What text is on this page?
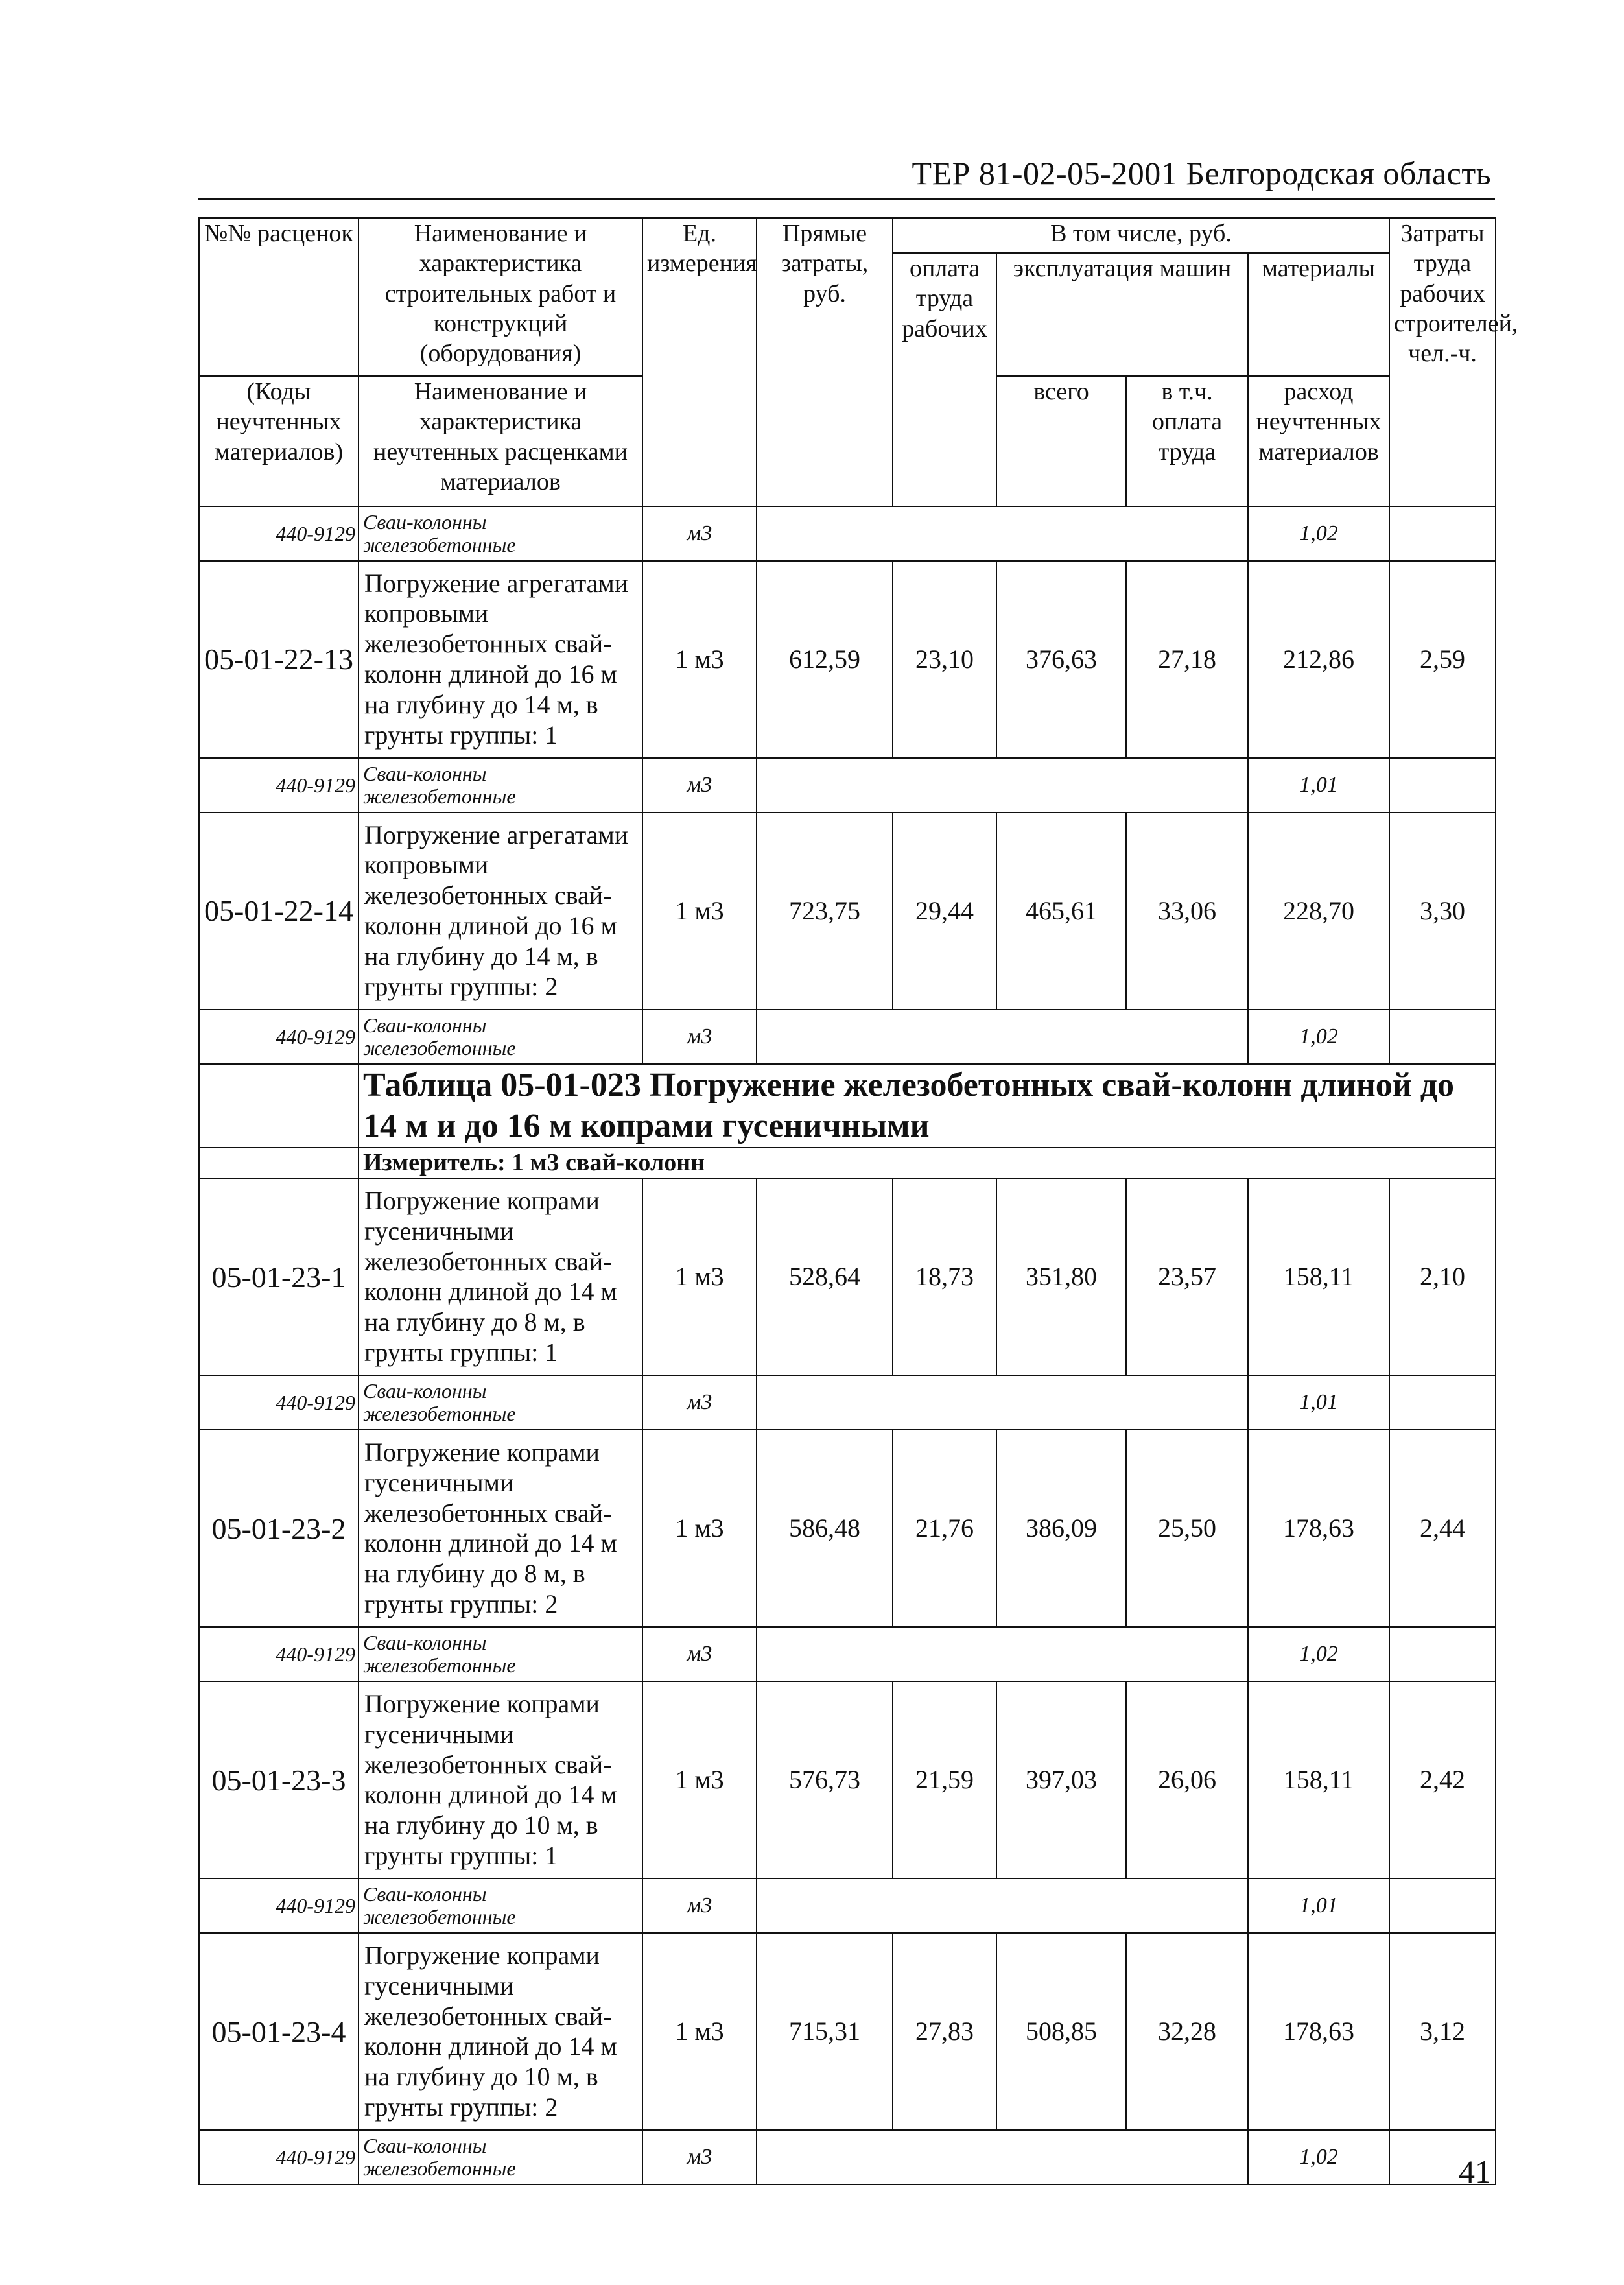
ТЕР 81-02-05-2001 Белгородская область
№№ расценок	Наименование и характеристика строительных работ и конструкций (оборудования)	Ед. измерения	Прямые затраты, руб.	В том числе, руб.				Затраты труда рабочих строителей, чел.-ч.
				оплата труда рабочих	эксплуатация машин		материалы	
(Коды неучтенных материалов)	Наименование и характеристика неучтенных расценками материалов				всего	в т.ч. оплата труда	расход неучтенных материалов	

440-9129	Сваи-колонны железобетонные	м3					1,02	
05-01-22-13	Погружение агрегатами копровыми железобетонных свай-колонн длиной до 16 м на глубину до 14 м, в грунты группы: 1	1 м3	612,59	23,10	376,63	27,18	212,86	2,59
440-9129	Сваи-колонны железобетонные	м3					1,01	
05-01-22-14	Погружение агрегатами копровыми железобетонных свай-колонн длиной до 16 м на глубину до 14 м, в грунты группы: 2	1 м3	723,75	29,44	465,61	33,06	228,70	3,30
440-9129	Сваи-колонны железобетонные	м3					1,02	
	Таблица 05-01-023 Погружение железобетонных свай-колонн длиной до 14 м и до 16 м копрами гусеничными							
	Измеритель: 1 м3 свай-колонн							
05-01-23-1	Погружение копрами гусеничными железобетонных свай-колонн длиной до 14 м на глубину до 8 м, в грунты группы: 1	1 м3	528,64	18,73	351,80	23,57	158,11	2,10
440-9129	Сваи-колонны железобетонные	м3					1,01	
05-01-23-2	Погружение копрами гусеничными железобетонных свай-колонн длиной до 14 м на глубину до 8 м, в грунты группы: 2	1 м3	586,48	21,76	386,09	25,50	178,63	2,44
440-9129	Сваи-колонны железобетонные	м3					1,02	
05-01-23-3	Погружение копрами гусеничными железобетонных свай-колонн длиной до 14 м на глубину до 10 м, в грунты группы: 1	1 м3	576,73	21,59	397,03	26,06	158,11	2,42
440-9129	Сваи-колонны железобетонные	м3					1,01	
05-01-23-4	Погружение копрами гусеничными железобетонных свай-колонн длиной до 14 м на глубину до 10 м, в грунты группы: 2	1 м3	715,31	27,83	508,85	32,28	178,63	3,12
440-9129	Сваи-колонны железобетонные	м3					1,02		41
